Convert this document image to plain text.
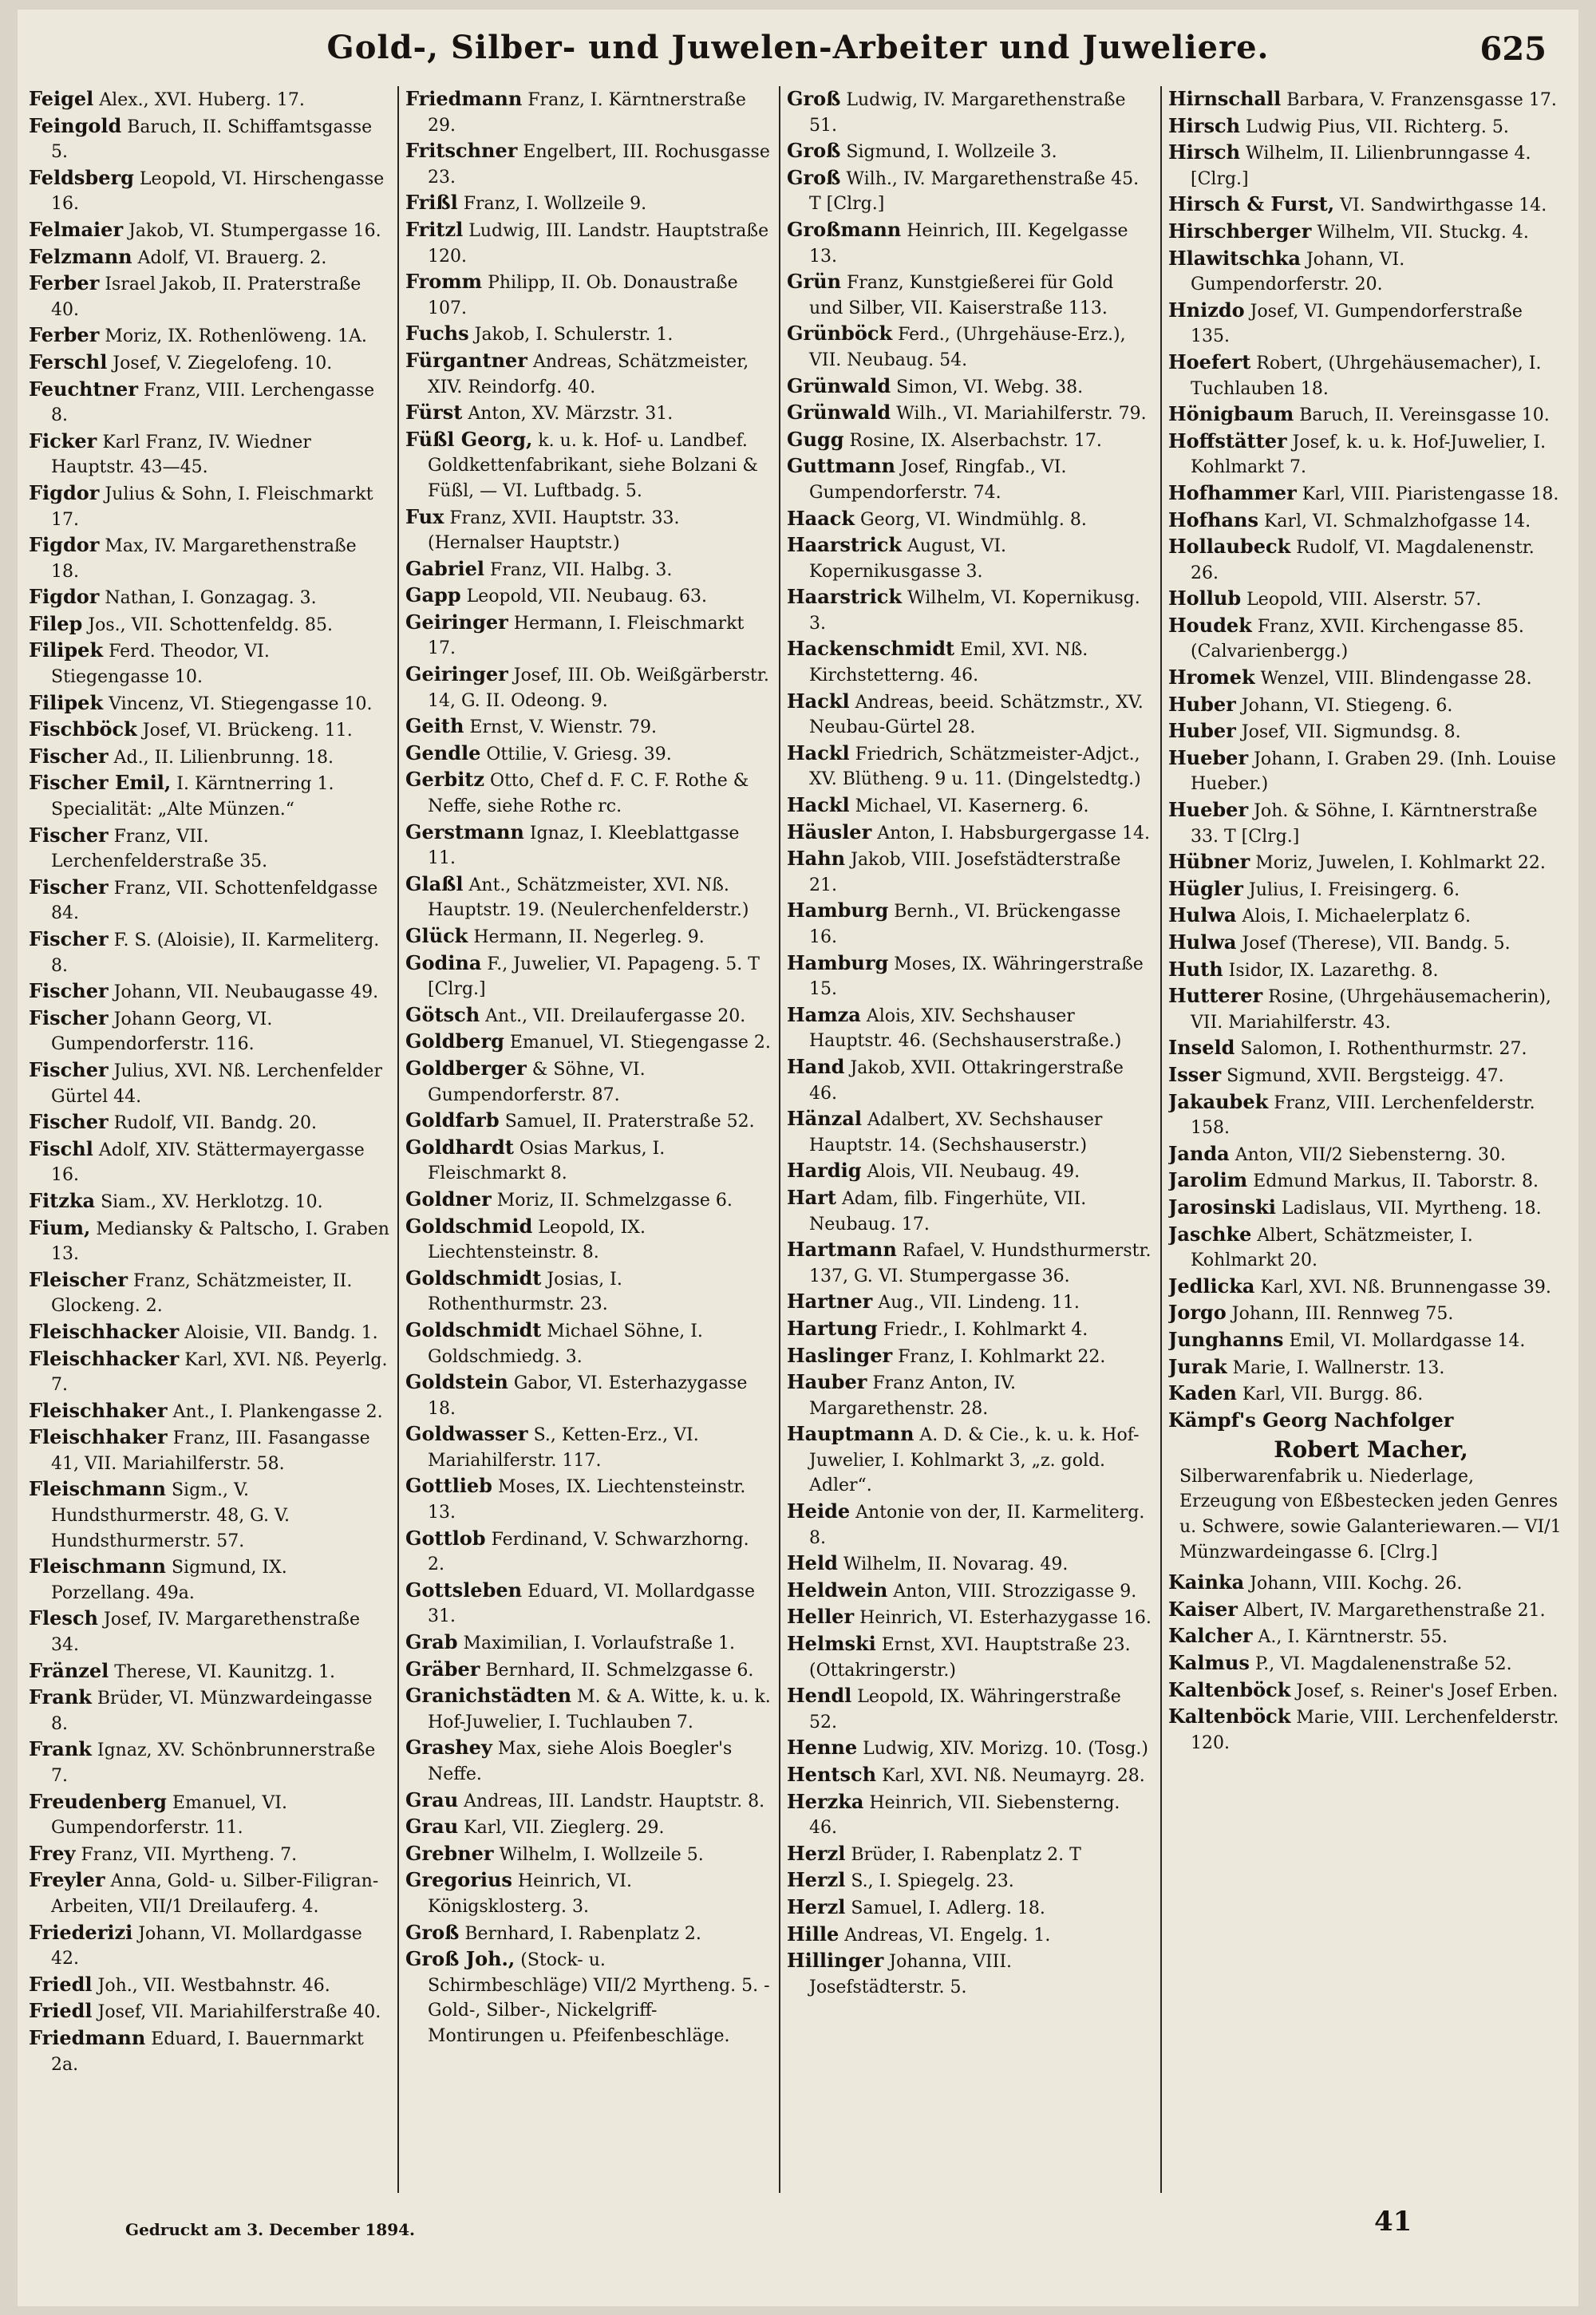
Gold-, Silber- und Juwelen-Arbeiter und Juweliere.	625

Feigel Alex., XVI. Huberg. 17.

Feingold Baruch, II. Schiffamtsgasse 5.

Feldsberg Leopold, VI. Hirschengasse 16.

Felmaier Jakob, VI. Stumpergasse 16.

Felzmann Adolf, VI. Brauerg. 2.

Ferber Israel Jakob, II. Praterstraße 40.

Ferber Moriz, IX. Rothenlöweng. 1A.

Ferschl Josef, V. Ziegelofeng. 10.

Feuchtner Franz, VIII. Lerchengasse 8.

Ficker Karl Franz, IV. Wiedner Hauptstr. 43—45.

Figdor Julius & Sohn, I. Fleischmarkt 17.

Figdor Max, IV. Margarethenstraße 18.

Figdor Nathan, I. Gonzagag. 3.

Filep Jos., VII. Schottenfeldg. 85.

Filipek Ferd. Theodor, VI. Stiegengasse 10.

Filipek Vincenz, VI. Stiegengasse 10.

Fischböck Josef, VI. Brückeng. 11.

Fischer Ad., II. Lilienbrunng. 18.

Fischer Emil, I. Kärntnerring 1. Specialität: „Alte Münzen.“

Fischer Franz, VII. Lerchenfelderstraße 35.

Fischer Franz, VII. Schottenfeldgasse 84.

Fischer F. S. (Aloisie), II. Karmeliterg. 8.

Fischer Johann, VII. Neubaugasse 49.

Fischer Johann Georg, VI. Gumpendorferstr. 116.

Fischer Julius, XVI. Nß. Lerchenfelder Gürtel 44.

Fischer Rudolf, VII. Bandg. 20.

Fischl Adolf, XIV. Stättermayergasse 16.

Fitzka Siam., XV. Herklotzg. 10.

Fium, Mediansky & Paltscho, I. Graben 13.

Fleischer Franz, Schätzmeister, II. Glockeng. 2.

Fleischhacker Aloisie, VII. Bandg. 1.

Fleischhacker Karl, XVI. Nß. Peyerlg. 7.

Fleischhaker Ant., I. Plankengasse 2.

Fleischhaker Franz, III. Fasangasse 41, VII. Mariahilferstr. 58.

Fleischmann Sigm., V. Hundsthurmerstr. 48, G. V. Hundsthurmerstr. 57.

Fleischmann Sigmund, IX. Porzellang. 49a.

Flesch Josef, IV. Margarethenstraße 34.

Fränzel Therese, VI. Kaunitzg. 1.

Frank Brüder, VI. Münzwardeingasse 8.

Frank Ignaz, XV. Schönbrunnerstraße 7.

Freudenberg Emanuel, VI. Gumpendorferstr. 11.

Frey Franz, VII. Myrtheng. 7.

Freyler Anna, Gold- u. Silber-Filigran-Arbeiten, VII/1 Dreilauferg. 4.

Friederizi Johann, VI. Mollardgasse 42.

Friedl Joh., VII. Westbahnstr. 46.

Friedl Josef, VII. Mariahilferstraße 40.

Friedmann Eduard, I. Bauernmarkt 2a.

Friedmann Franz, I. Kärntnerstraße 29.

Fritschner Engelbert, III. Rochusgasse 23.

Frißl Franz, I. Wollzeile 9.

Fritzl Ludwig, III. Landstr. Hauptstraße 120.

Fromm Philipp, II. Ob. Donaustraße 107.

Fuchs Jakob, I. Schulerstr. 1.

Fürgantner Andreas, Schätzmeister, XIV. Reindorfg. 40.

Fürst Anton, XV. Märzstr. 31.

Füßl Georg, k. u. k. Hof- u. Landbef. Goldkettenfabrikant, siehe Bolzani & Füßl, — VI. Luftbadg. 5.

Fux Franz, XVII. Hauptstr. 33. (Hernalser Hauptstr.)

Gabriel Franz, VII. Halbg. 3.

Gapp Leopold, VII. Neubaug. 63.

Geiringer Hermann, I. Fleischmarkt 17.

Geiringer Josef, III. Ob. Weißgärberstr. 14, G. II. Odeong. 9.

Geith Ernst, V. Wienstr. 79.

Gendle Ottilie, V. Griesg. 39.

Gerbitz Otto, Chef d. F. C. F. Rothe & Neffe, siehe Rothe rc.

Gerstmann Ignaz, I. Kleeblattgasse 11.

Glaßl Ant., Schätzmeister, XVI. Nß. Hauptstr. 19. (Neulerchenfelderstr.)

Glück Hermann, II. Negerleg. 9.

Godina F., Juwelier, VI. Papageng. 5. T [Clrg.]

Götsch Ant., VII. Dreilaufergasse 20.

Goldberg Emanuel, VI. Stiegengasse 2.

Goldberger & Söhne, VI. Gumpendorferstr. 87.

Goldfarb Samuel, II. Praterstraße 52.

Goldhardt Osias Markus, I. Fleischmarkt 8.

Goldner Moriz, II. Schmelzgasse 6.

Goldschmid Leopold, IX. Liechtensteinstr. 8.

Goldschmidt Josias, I. Rothenthurmstr. 23.

Goldschmidt Michael Söhne, I. Goldschmiedg. 3.

Goldstein Gabor, VI. Esterhazygasse 18.

Goldwasser S., Ketten-Erz., VI. Mariahilferstr. 117.

Gottlieb Moses, IX. Liechtensteinstr. 13.

Gottlob Ferdinand, V. Schwarzhorng. 2.

Gottsleben Eduard, VI. Mollardgasse 31.

Grab Maximilian, I. Vorlaufstraße 1.

Gräber Bernhard, II. Schmelzgasse 6.

Granichstädten M. & A. Witte, k. u. k. Hof-Juwelier, I. Tuchlauben 7.

Grashey Max, siehe Alois Boegler's Neffe.

Grau Andreas, III. Landstr. Hauptstr. 8.

Grau Karl, VII. Zieglerg. 29.

Grebner Wilhelm, I. Wollzeile 5.

Gregorius Heinrich, VI. Königsklosterg. 3.

Groß Bernhard, I. Rabenplatz 2.

Groß Joh., (Stock- u. Schirmbeschläge) VII/2 Myrtheng. 5. -Gold-, Silber-, Nickelgriff-Montirungen u. Pfeifenbeschläge.

Groß Ludwig, IV. Margarethenstraße 51.

Groß Sigmund, I. Wollzeile 3.

Groß Wilh., IV. Margarethenstraße 45. T [Clrg.]

Großmann Heinrich, III. Kegelgasse 13.

Grün Franz, Kunstgießerei für Gold und Silber, VII. Kaiserstraße 113.

Grünböck Ferd., (Uhrgehäuse-Erz.), VII. Neubaug. 54.

Grünwald Simon, VI. Webg. 38.

Grünwald Wilh., VI. Mariahilferstr. 79.

Gugg Rosine, IX. Alserbachstr. 17.

Guttmann Josef, Ringfab., VI. Gumpendorferstr. 74.

Haack Georg, VI. Windmühlg. 8.

Haarstrick August, VI. Kopernikusgasse 3.

Haarstrick Wilhelm, VI. Kopernikusg. 3.

Hackenschmidt Emil, XVI. Nß. Kirchstetterng. 46.

Hackl Andreas, beeid. Schätzmstr., XV. Neubau-Gürtel 28.

Hackl Friedrich, Schätzmeister-Adjct., XV. Blütheng. 9 u. 11. (Dingelstedtg.)

Hackl Michael, VI. Kasernerg. 6.

Häusler Anton, I. Habsburgergasse 14.

Hahn Jakob, VIII. Josefstädterstraße 21.

Hamburg Bernh., VI. Brückengasse 16.

Hamburg Moses, IX. Währingerstraße 15.

Hamza Alois, XIV. Sechshauser Hauptstr. 46. (Sechshauserstraße.)

Hand Jakob, XVII. Ottakringerstraße 46.

Hänzal Adalbert, XV. Sechshauser Hauptstr. 14. (Sechshauserstr.)

Hardig Alois, VII. Neubaug. 49.

Hart Adam, filb. Fingerhüte, VII. Neubaug. 17.

Hartmann Rafael, V. Hundsthurmerstr. 137, G. VI. Stumpergasse 36.

Hartner Aug., VII. Lindeng. 11.

Hartung Friedr., I. Kohlmarkt 4.

Haslinger Franz, I. Kohlmarkt 22.

Hauber Franz Anton, IV. Margarethenstr. 28.

Hauptmann A. D. & Cie., k. u. k. Hof-Juwelier, I. Kohlmarkt 3, „z. gold. Adler“.

Heide Antonie von der, II. Karmeliterg. 8.

Held Wilhelm, II. Novarag. 49.

Heldwein Anton, VIII. Strozzigasse 9.

Heller Heinrich, VI. Esterhazygasse 16.

Helmski Ernst, XVI. Hauptstraße 23. (Ottakringerstr.)

Hendl Leopold, IX. Währingerstraße 52.

Henne Ludwig, XIV. Morizg. 10. (Tosg.)

Hentsch Karl, XVI. Nß. Neumayrg. 28.

Herzka Heinrich, VII. Siebensterng. 46.

Herzl Brüder, I. Rabenplatz 2. T

Herzl S., I. Spiegelg. 23.

Herzl Samuel, I. Adlerg. 18.

Hille Andreas, VI. Engelg. 1.

Hillinger Johanna, VIII. Josefstädterstr. 5.

Hirnschall Barbara, V. Franzensgasse 17.

Hirsch Ludwig Pius, VII. Richterg. 5.

Hirsch Wilhelm, II. Lilienbrunngasse 4. [Clrg.]

Hirsch & Furst, VI. Sandwirthgasse 14.

Hirschberger Wilhelm, VII. Stuckg. 4.

Hlawitschka Johann, VI. Gumpendorferstr. 20.

Hnizdo Josef, VI. Gumpendorferstraße 135.

Hoefert Robert, (Uhrgehäusemacher), I. Tuchlauben 18.

Hönigbaum Baruch, II. Vereinsgasse 10.

Hoffstätter Josef, k. u. k. Hof-Juwelier, I. Kohlmarkt 7.

Hofhammer Karl, VIII. Piaristengasse 18.

Hofhans Karl, VI. Schmalzhofgasse 14.

Hollaubeck Rudolf, VI. Magdalenenstr. 26.

Hollub Leopold, VIII. Alserstr. 57.

Houdek Franz, XVII. Kirchengasse 85. (Calvarienbergg.)

Hromek Wenzel, VIII. Blindengasse 28.

Huber Johann, VI. Stiegeng. 6.

Huber Josef, VII. Sigmundsg. 8.

Hueber Johann, I. Graben 29. (Inh. Louise Hueber.)

Hueber Joh. & Söhne, I. Kärntnerstraße 33. T [Clrg.]

Hübner Moriz, Juwelen, I. Kohlmarkt 22.

Hügler Julius, I. Freisingerg. 6.

Hulwa Alois, I. Michaelerplatz 6.

Hulwa Josef (Therese), VII. Bandg. 5.

Huth Isidor, IX. Lazarethg. 8.

Hutterer Rosine, (Uhrgehäusemacherin), VII. Mariahilferstr. 43.

Inseld Salomon, I. Rothenthurmstr. 27.

Isser Sigmund, XVII. Bergsteigg. 47.

Jakaubek Franz, VIII. Lerchenfelderstr. 158.

Janda Anton, VII/2 Siebensterng. 30.

Jarolim Edmund Markus, II. Taborstr. 8.

Jarosinski Ladislaus, VII. Myrtheng. 18.

Jaschke Albert, Schätzmeister, I. Kohlmarkt 20.

Jedlicka Karl, XVI. Nß. Brunnengasse 39.

Jorgo Johann, III. Rennweg 75.

Junghanns Emil, VI. Mollardgasse 14.

Jurak Marie, I. Wallnerstr. 13.

Kaden Karl, VII. Burgg. 86.

Kämpf's Georg Nachfolger

Robert Macher,
Silberwarenfabrik u. Niederlage, Erzeugung von Eßbestecken jeden Genres u. Schwere, sowie Galanteriewaren.— VI/1 Münzwardeingasse 6. [Clrg.]

Kainka Johann, VIII. Kochg. 26.

Kaiser Albert, IV. Margarethenstraße 21.

Kalcher A., I. Kärntnerstr. 55.

Kalmus P., VI. Magdalenenstraße 52.

Kaltenböck Josef, s. Reiner's Josef Erben.

Kaltenböck Marie, VIII. Lerchenfelderstr. 120.

Gedruckt am 3. December 1894.	41
